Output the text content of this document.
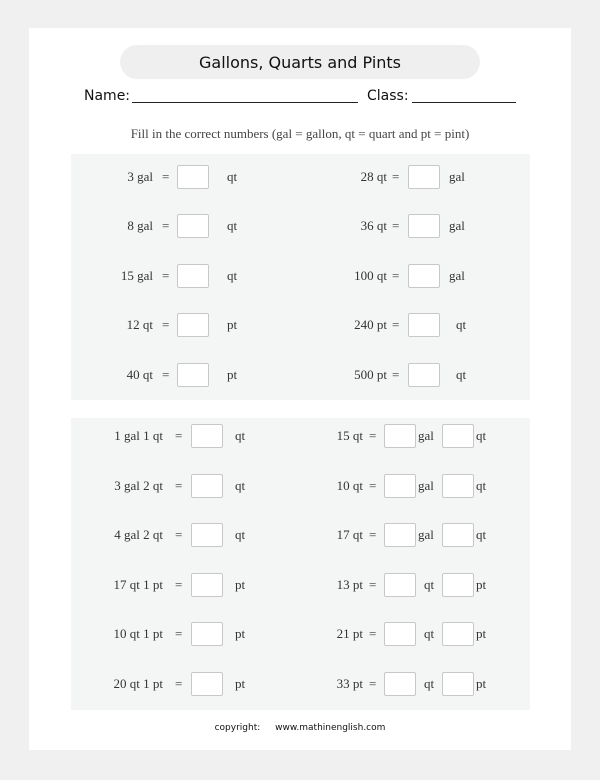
Gallons, Quarts and Pints
Name:	Class:
Fill in the correct numbers (gal = gallon, qt = quart and pt = pint)
3 gal =	qt
8 gal =	qt
15 gal =	qt
12 qt =	pt
40 qt =	pt
28 qt =	gal
36 qt =	gal
100 qt =	gal
240 pt =	qt
500 pt =	qt
1 gal 1 qt =	qt
3 gal 2 qt =	qt
4 gal 2 qt =	qt
17 qt 1 pt =	pt
10 qt 1 pt =	pt
20 qt 1 pt =	pt
15 qt =	gal	qt
10 qt =	gal	qt
17 qt =	gal	qt
13 pt =	qt	pt
21 pt =	qt	pt
33 pt =	qt	pt
copyright: www.mathinenglish.com
